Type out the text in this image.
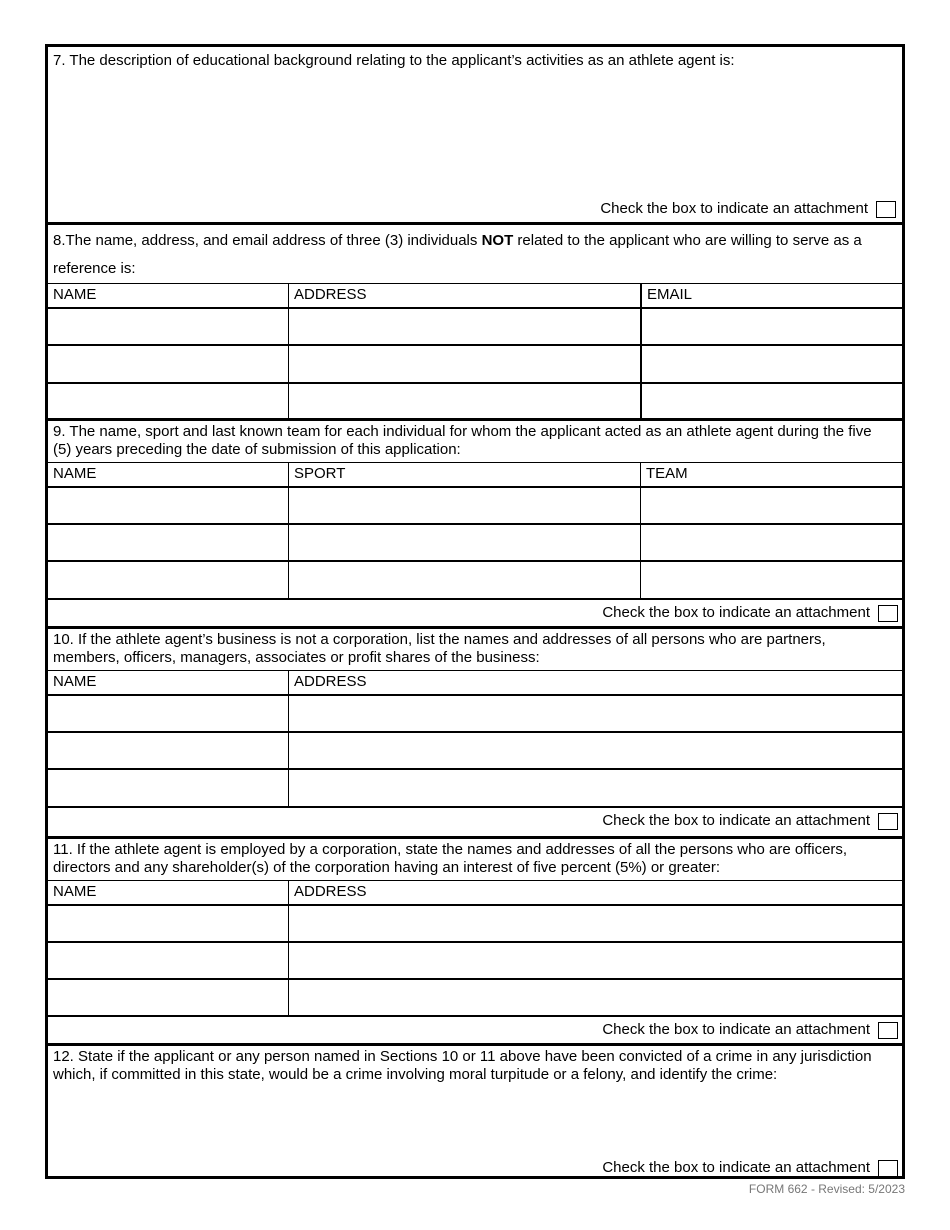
7. The description of educational background relating to the applicant’s activities as an athlete agent is:
Check the box to indicate an attachment
8.The name, address, and email address of three (3) individuals NOT related to the applicant who are willing to serve as a reference is:
NAME	ADDRESS	EMAIL
9. The name, sport and last known team for each individual for whom the applicant acted as an athlete agent during the five (5) years preceding the date of submission of this application:
NAME	SPORT	TEAM
Check the box to indicate an attachment
10. If the athlete agent’s business is not a corporation, list the names and addresses of all persons who are partners, members, officers, managers, associates or profit shares of the business:
NAME	ADDRESS
Check the box to indicate an attachment
11. If the athlete agent is employed by a corporation, state the names and addresses of all the persons who are officers, directors and any shareholder(s) of the corporation having an interest of five percent (5%) or greater:
NAME	ADDRESS
Check the box to indicate an attachment
12. State if the applicant or any person named in Sections 10 or 11 above have been convicted of a crime in any jurisdiction which, if committed in this state, would be a crime involving moral turpitude or a felony, and identify the crime:
Check the box to indicate an attachment
FORM 662 - Revised: 5/2023
